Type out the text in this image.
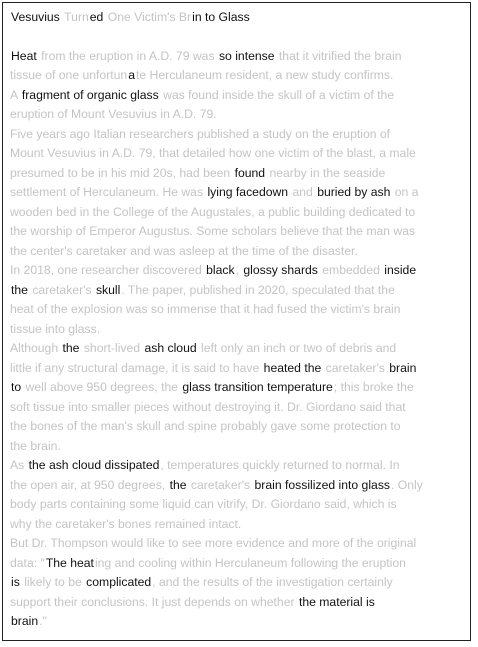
Vesuvius Turned One Victim's Brin to Glass
Heat from the eruption in A.D. 79 was so intense that it vitrified the brain
tissue of one unfortunate Herculaneum resident, a new study confirms.
A fragment of organic glass was found inside the skull of a victim of the
eruption of Mount Vesuvius in A.D. 79.
Five years ago Italian researchers published a study on the eruption of
Mount Vesuvius in A.D. 79, that detailed how one victim of the blast, a male
presumed to be in his mid 20s, had been found nearby in the seaside
settlement of Herculaneum. He was lying facedown and buried by ash on a
wooden bed in the College of the Augustales, a public building dedicated to
the worship of Emperor Augustus. Some scholars believe that the man was
the center's caretaker and was asleep at the time of the disaster.
In 2018, one researcher discovered black, glossy shards embedded inside
the caretaker's skull. The paper, published in 2020, speculated that the
heat of the explosion was so immense that it had fused the victim's brain
tissue into glass.
Although the short-lived ash cloud left only an inch or two of debris and
little if any structural damage, it is said to have heated the caretaker's brain
to well above 950 degrees, the glass transition temperature; this broke the
soft tissue into smaller pieces without destroying it. Dr. Giordano said that
the bones of the man's skull and spine probably gave some protection to
the brain.
As the ash cloud dissipated, temperatures quickly returned to normal. In
the open air, at 950 degrees, the caretaker's brain fossilized into glass. Only
body parts containing some liquid can vitrify, Dr. Giordano said, which is
why the caretaker's bones remained intact.
But Dr. Thompson would like to see more evidence and more of the original
data: "The heating and cooling within Herculaneum following the eruption
is likely to be complicated, and the results of the investigation certainly
support their conclusions. It just depends on whether the material is
brain."
